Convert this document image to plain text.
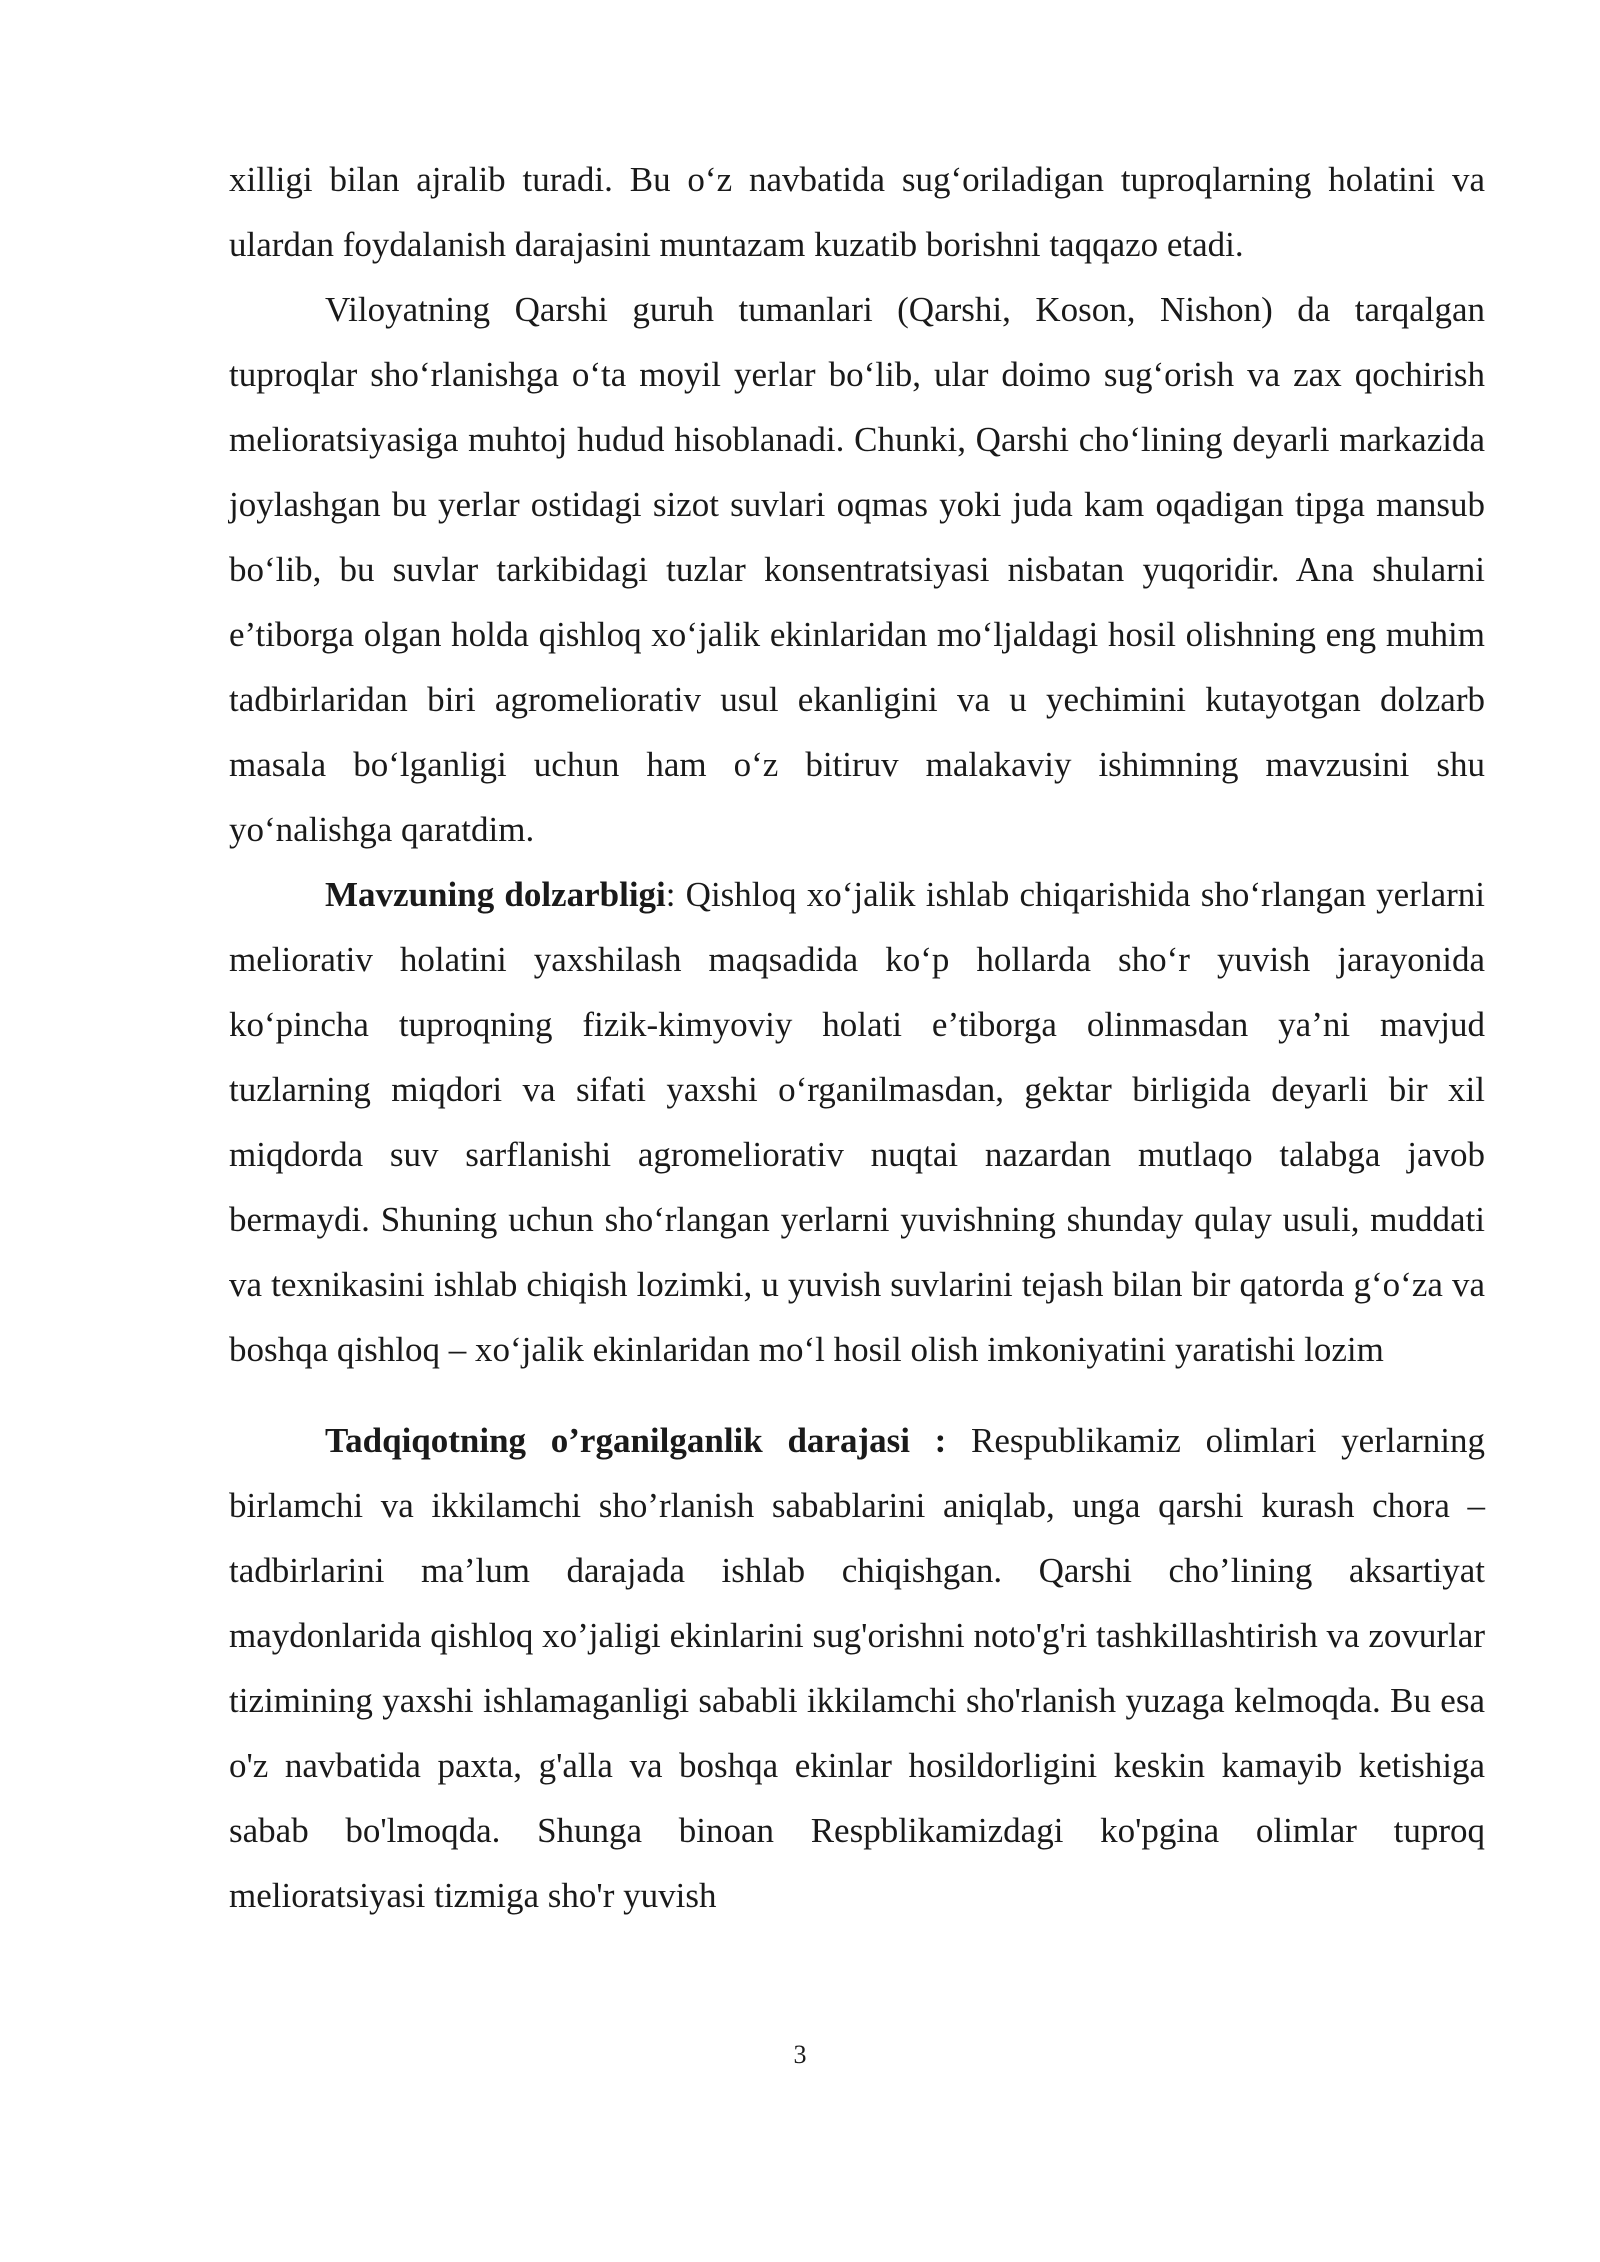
xilligi bilan ajralib turadi. Bu o‘z navbatida sug‘oriladigan tuproqlarning holatini va ulardan foydalanish darajasini muntazam kuzatib borishni taqqazo etadi.

Viloyatning Qarshi guruh tumanlari (Qarshi, Koson, Nishon) da tarqalgan tuproqlar sho‘rlanishga o‘ta moyil yerlar bo‘lib, ular doimo sug‘orish va zax qochirish melioratsiyasiga muhtoj hudud hisoblanadi. Chunki, Qarshi cho‘lining deyarli markazida joylashgan bu yerlar ostidagi sizot suvlari oqmas yoki juda kam oqadigan tipga mansub bo‘lib, bu suvlar tarkibidagi tuzlar konsentratsiyasi nisbatan yuqoridir. Ana shularni e’tiborga olgan holda qishloq xo‘jalik ekinlaridan mo‘ljaldagi hosil olishning eng muhim tadbirlaridan biri agromeliorativ usul ekanligini va u yechimini kutayotgan dolzarb masala bo‘lganligi uchun ham o‘z bitiruv malakaviy ishimning mavzusini shu yo‘nalishga qaratdim.

Mavzuning dolzarbligi: Qishloq xo‘jalik ishlab chiqarishida sho‘rlangan yerlarni meliorativ holatini yaxshilash maqsadida ko‘p hollarda sho‘r yuvish jarayonida ko‘pincha tuproqning fizik-kimyoviy holati e’tiborga olinmasdan ya’ni mavjud tuzlarning miqdori va sifati yaxshi o‘rganilmasdan, gektar birligida deyarli bir xil miqdorda suv sarflanishi agromeliorativ nuqtai nazardan mutlaqo talabga javob bermaydi. Shuning uchun sho‘rlangan yerlarni yuvishning shunday qulay usuli, muddati va texnikasini ishlab chiqish lozimki, u yuvish suvlarini tejash bilan bir qatorda g‘o‘za va boshqa qishloq – xo‘jalik ekinlaridan mo‘l hosil olish imkoniyatini yaratishi lozim

Tadqiqotning o’rganilganlik darajasi : Respublikamiz olimlari yerlarning birlamchi va ikkilamchi sho’rlanish sabablarini aniqlab, unga qarshi kurash chora – tadbirlarini ma’lum darajada ishlab chiqishgan. Qarshi cho’lining aksartiyat maydonlarida qishloq xo’jaligi ekinlarini sug'orishni noto'g'ri tashkillashtirish va zovurlar tizimining yaxshi ishlamaganligi sababli ikkilamchi sho'rlanish yuzaga kelmoqda. Bu esa o'z navbatida paxta, g'alla va boshqa ekinlar hosildorligini keskin kamayib ketishiga sabab bo'lmoqda. Shunga binoan Respblikamizdagi ko'pgina olimlar tuproq melioratsiyasi tizmiga sho'r yuvish

3
